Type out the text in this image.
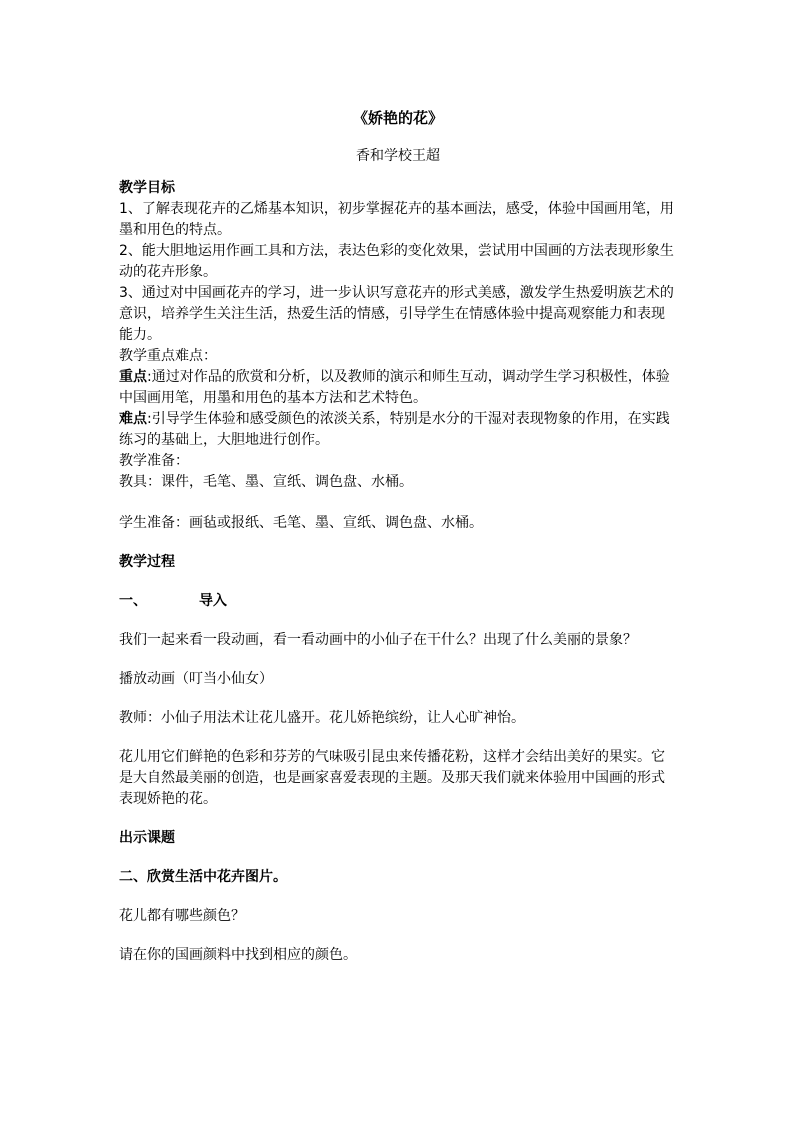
《娇艳的花》

香和学校王超

教学目标

1、了解表现花卉的乙烯基本知识，初步掌握花卉的基本画法，感受，体验中国画用笔，用墨和用色的特点。

2、能大胆地运用作画工具和方法，表达色彩的变化效果，尝试用中国画的方法表现形象生动的花卉形象。

3、通过对中国画花卉的学习，进一步认识写意花卉的形式美感，激发学生热爱明族艺术的意识，培养学生关注生活，热爱生活的情感，引导学生在情感体验中提高观察能力和表现能力。

教学重点难点：

重点:通过对作品的欣赏和分析，以及教师的演示和师生互动，调动学生学习积极性，体验中国画用笔，用墨和用色的基本方法和艺术特色。

难点:引导学生体验和感受颜色的浓淡关系，特别是水分的干湿对表现物象的作用，在实践练习的基础上，大胆地进行创作。

教学准备：

教具：课件，毛笔、墨、宣纸、调色盘、水桶。

学生准备：画毡或报纸、毛笔、墨、宣纸、调色盘、水桶。

教学过程

一、	导入

我们一起来看一段动画，看一看动画中的小仙子在干什么？出现了什么美丽的景象？

播放动画（叮当小仙女）

教师：小仙子用法术让花儿盛开。花儿娇艳缤纷，让人心旷神怡。

花儿用它们鲜艳的色彩和芬芳的气味吸引昆虫来传播花粉，这样才会结出美好的果实。它是大自然最美丽的创造，也是画家喜爱表现的主题。及那天我们就来体验用中国画的形式表现娇艳的花。

出示课题

二、欣赏生活中花卉图片。

花儿都有哪些颜色？

请在你的国画颜料中找到相应的颜色。
